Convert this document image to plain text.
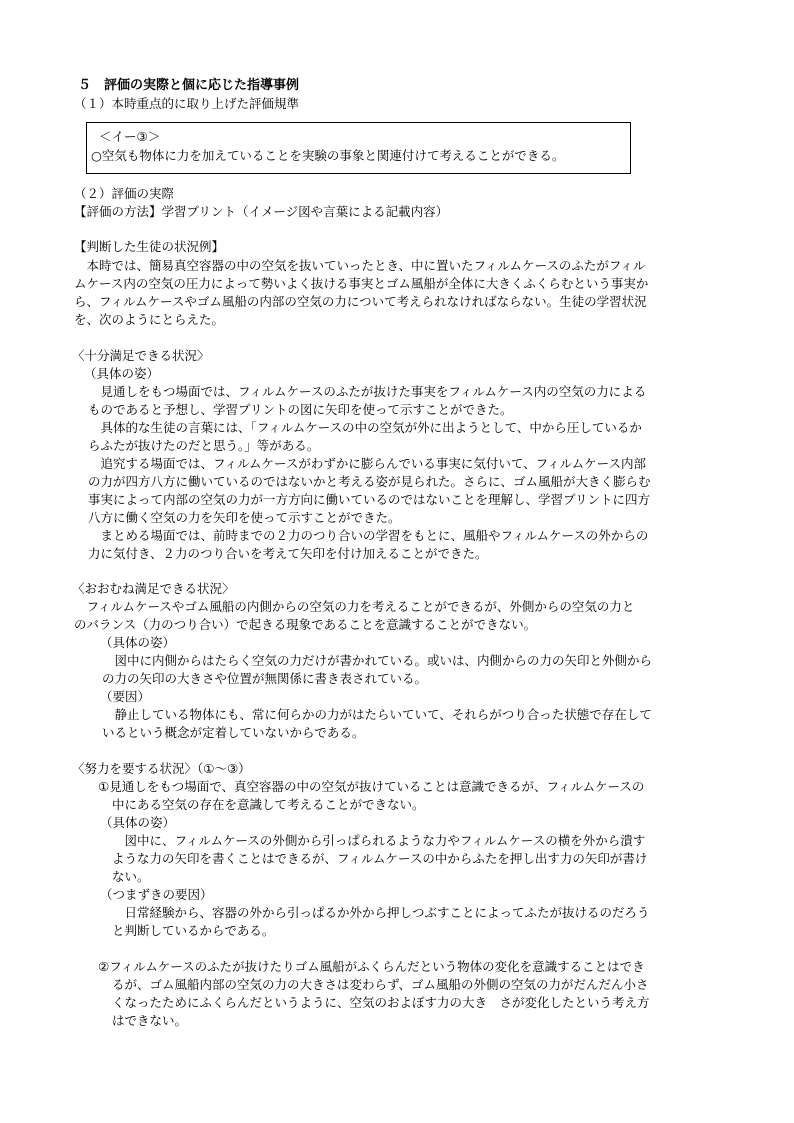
５　評価の実際と個に応じた指導事例
（１）本時重点的に取り上げた評価規準
＜イー③＞
○空気も物体に力を加えていることを実験の事象と関連付けて考えることができる。
（２）評価の実際
【評価の方法】学習プリント（イメージ図や言葉による記載内容）
【判断した生徒の状況例】
　本時では、簡易真空容器の中の空気を抜いていったとき、中に置いたフィルムケースのふたがフィル
ムケース内の空気の圧力によって勢いよく抜ける事実とゴム風船が全体に大きくふくらむという事実か
ら、フィルムケースやゴム風船の内部の空気の力について考えられなければならない。生徒の学習状況
を、次のようにとらえた。
〈十分満足できる状況〉
（具体の姿）
　見通しをもつ場面では、フィルムケースのふたが抜けた事実をフィルムケース内の空気の力による
ものであると予想し、学習プリントの図に矢印を使って示すことができた。
　具体的な生徒の言葉には、「フィルムケースの中の空気が外に出ようとして、中から圧しているか
らふたが抜けたのだと思う。」等がある。
　追究する場面では、フィルムケースがわずかに膨らんでいる事実に気付いて、フィルムケース内部
の力が四方八方に働いているのではないかと考える姿が見られた。さらに、ゴム風船が大きく膨らむ
事実によって内部の空気の力が一方方向に働いているのではないことを理解し、学習プリントに四方
八方に働く空気の力を矢印を使って示すことができた。
　まとめる場面では、前時までの２力のつり合いの学習をもとに、風船やフィルムケースの外からの
力に気付き、２力のつり合いを考えて矢印を付け加えることができた。
〈おおむね満足できる状況〉
　フィルムケースやゴム風船の内側からの空気の力を考えることができるが、外側からの空気の力と
のバランス（力のつり合い）で起きる現象であることを意識することができない。
（具体の姿）
　図中に内側からはたらく空気の力だけが書かれている。或いは、内側からの力の矢印と外側から
の力の矢印の大きさや位置が無関係に書き表されている。
（要因）
　静止している物体にも、常に何らかの力がはたらいていて、それらがつり合った状態で存在して
いるという概念が定着していないからである。
〈努力を要する状況〉（①～③）
①見通しをもつ場面で、真空容器の中の空気が抜けていることは意識できるが、フィルムケースの
中にある空気の存在を意識して考えることができない。
（具体の姿）
　図中に、フィルムケースの外側から引っぱられるような力やフィルムケースの横を外から潰す
ような力の矢印を書くことはできるが、フィルムケースの中からふたを押し出す力の矢印が書け
ない。
（つまずきの要因）
　日常経験から、容器の外から引っぱるか外から押しつぶすことによってふたが抜けるのだろう
と判断しているからである。
②フィルムケースのふたが抜けたりゴム風船がふくらんだという物体の変化を意識することはでき
るが、ゴム風船内部の空気の力の大きさは変わらず、ゴム風船の外側の空気の力がだんだん小さ
くなったためにふくらんだというように、空気のおよぼす力の大き　さが変化したという考え方
はできない。
